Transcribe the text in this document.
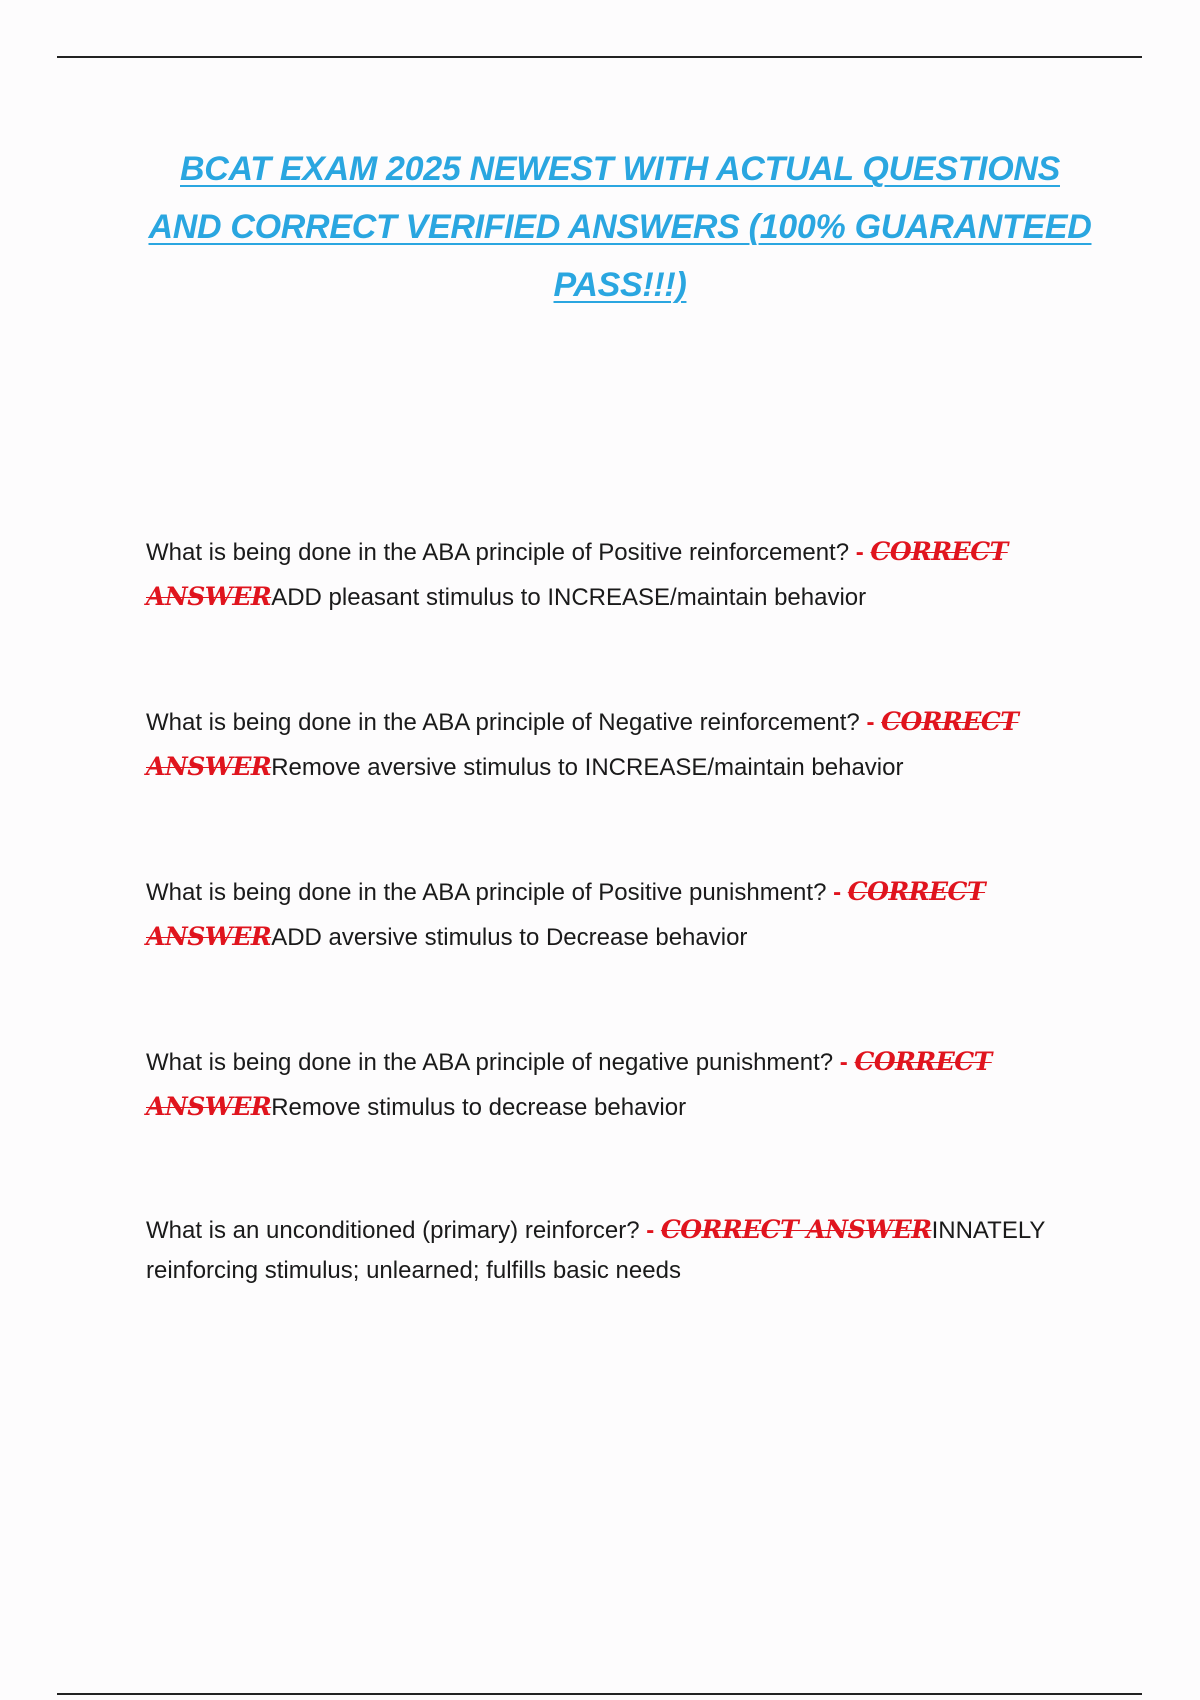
BCAT EXAM 2025 NEWEST WITH ACTUAL QUESTIONS AND CORRECT VERIFIED ANSWERS (100% GUARANTEED PASS!!!)

What is being done in the ABA principle of Positive reinforcement? - CORRECT ANSWERADD pleasant stimulus to INCREASE/maintain behavior

What is being done in the ABA principle of Negative reinforcement? - CORRECT ANSWERRemove aversive stimulus to INCREASE/maintain behavior

What is being done in the ABA principle of Positive punishment? - CORRECT ANSWERADD aversive stimulus to Decrease behavior

What is being done in the ABA principle of negative punishment? - CORRECT ANSWERRemove stimulus to decrease behavior

What is an unconditioned (primary) reinforcer? - CORRECT ANSWERINNATELY reinforcing stimulus; unlearned; fulfills basic needs
